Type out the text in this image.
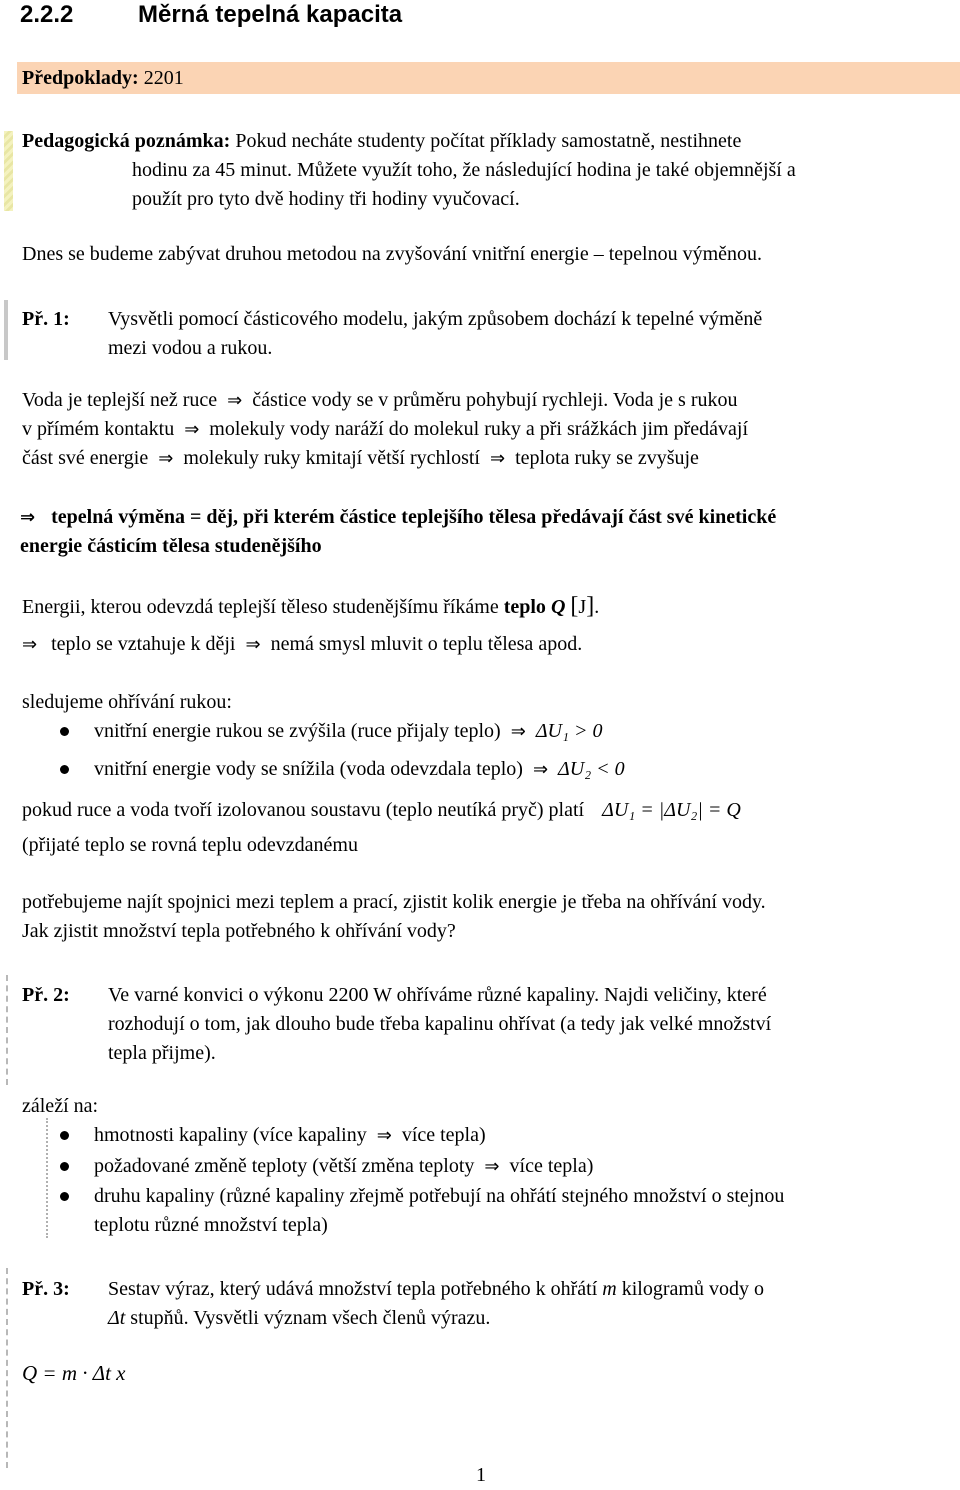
2.2.2	Měrná tepelná kapacita
Předpoklady: 2201
Pedagogická poznámka: Pokud necháte studenty počítat příklady samostatně, nestihnete
hodinu za 45 minut. Můžete využít toho, že následující hodina je také objemnější a
použít pro tyto dvě hodiny tři hodiny vyučovací.
Dnes se budeme zabývat druhou metodou na zvyšování vnitřní energie – tepelnou výměnou.
Př. 1: Vysvětli pomocí částicového modelu, jakým způsobem dochází k tepelné výměně
mezi vodou a rukou.
Voda je teplejší než ruce ⇒ částice vody se v průměru pohybují rychleji. Voda je s rukou
v přímém kontaktu ⇒ molekuly vody naráží do molekul ruky a při srážkách jim předávají
část své energie ⇒ molekuly ruky kmitají větší rychlostí ⇒ teplota ruky se zvyšuje
⇒ tepelná výměna = děj, při kterém částice teplejšího tělesa předávají část své kinetické
energie částicím tělesa studenějšího
Energii, kterou odevzdá teplejší těleso studenějšímu říkáme teplo Q [J].
⇒ teplo se vztahuje k ději ⇒ nemá smysl mluvit o teplu tělesa apod.
sledujeme ohřívání rukou:
vnitřní energie rukou se zvýšila (ruce přijaly teplo) ⇒ ΔU₁ > 0
vnitřní energie vody se snížila (voda odevzdala teplo) ⇒ ΔU₂ < 0
pokud ruce a voda tvoří izolovanou soustavu (teplo neutíká pryč) platí ΔU₁ = |ΔU₂| = Q
(přijaté teplo se rovná teplu odevzdanému
potřebujeme najít spojnici mezi teplem a prací, zjistit kolik energie je třeba na ohřívání vody.
Jak zjistit množství tepla potřebného k ohřívání vody?
Př. 2: Ve varné konvici o výkonu 2200 W ohříváme různé kapaliny. Najdi veličiny, které
rozhodují o tom, jak dlouho bude třeba kapalinu ohřívat (a tedy jak velké množství
tepla přijme).
záleží na:
hmotnosti kapaliny (více kapaliny ⇒ více tepla)
požadované změně teploty (větší změna teploty ⇒ více tepla)
druhu kapaliny (různé kapaliny zřejmě potřebují na ohřátí stejného množství o stejnou
teplotu různé množství tepla)
Př. 3: Sestav výraz, který udává množství tepla potřebného k ohřátí m kilogramů vody o
Δt stupňů. Vysvětli význam všech členů výrazu.
Q = m · Δt x
1
